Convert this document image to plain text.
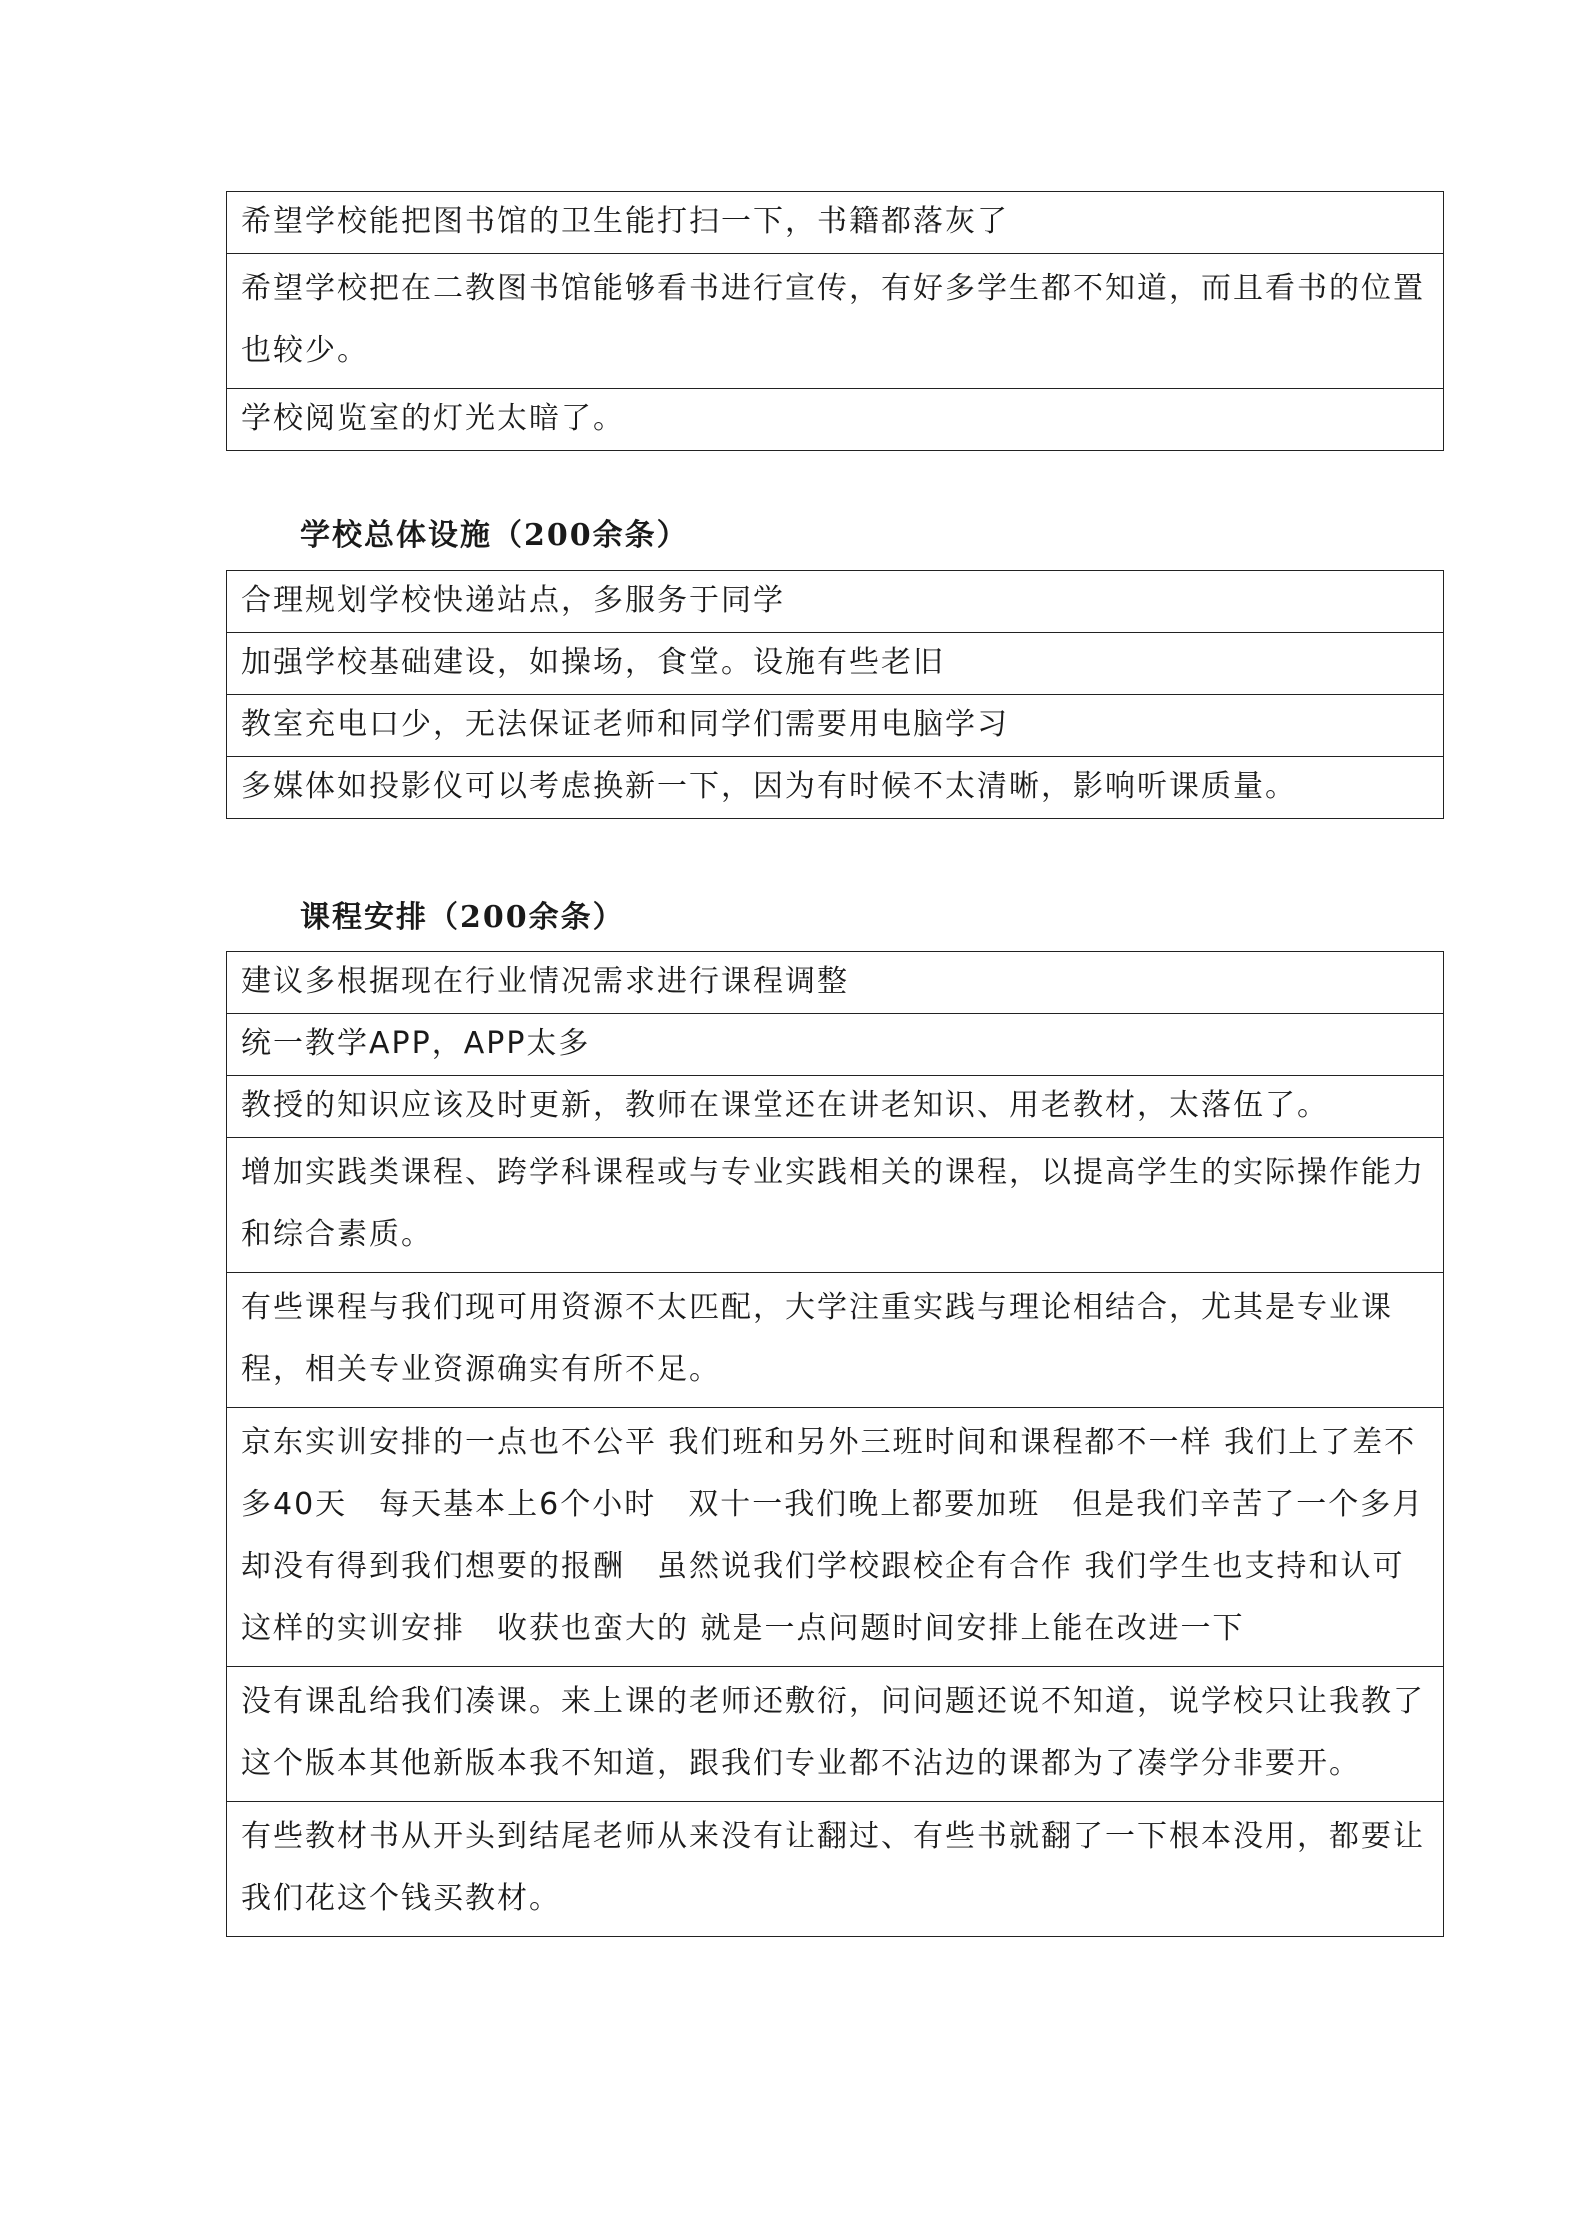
希望学校能把图书馆的卫生能打扫一下，书籍都落灰了
希望学校把在二教图书馆能够看书进行宣传，有好多学生都不知道，而且看书的位置也较少。
学校阅览室的灯光太暗了。
学校总体设施（200余条）
合理规划学校快递站点，多服务于同学
加强学校基础建设，如操场，食堂。设施有些老旧
教室充电口少，无法保证老师和同学们需要用电脑学习
多媒体如投影仪可以考虑换新一下，因为有时候不太清晰，影响听课质量。
课程安排（200余条）
建议多根据现在行业情况需求进行课程调整
统一教学APP，APP太多
教授的知识应该及时更新，教师在课堂还在讲老知识、用老教材，太落伍了。
增加实践类课程、跨学科课程或与专业实践相关的课程，以提高学生的实际操作能力和综合素质。
有些课程与我们现可用资源不太匹配，大学注重实践与理论相结合，尤其是专业课程，相关专业资源确实有所不足。
京东实训安排的一点也不公平 我们班和另外三班时间和课程都不一样 我们上了差不多40天　每天基本上6个小时　双十一我们晚上都要加班　但是我们辛苦了一个多月却没有得到我们想要的报酬　虽然说我们学校跟校企有合作 我们学生也支持和认可这样的实训安排　收获也蛮大的 就是一点问题时间安排上能在改进一下
没有课乱给我们凑课。来上课的老师还敷衍，问问题还说不知道，说学校只让我教了这个版本其他新版本我不知道，跟我们专业都不沾边的课都为了凑学分非要开。
有些教材书从开头到结尾老师从来没有让翻过、有些书就翻了一下根本没用，都要让我们花这个钱买教材。
